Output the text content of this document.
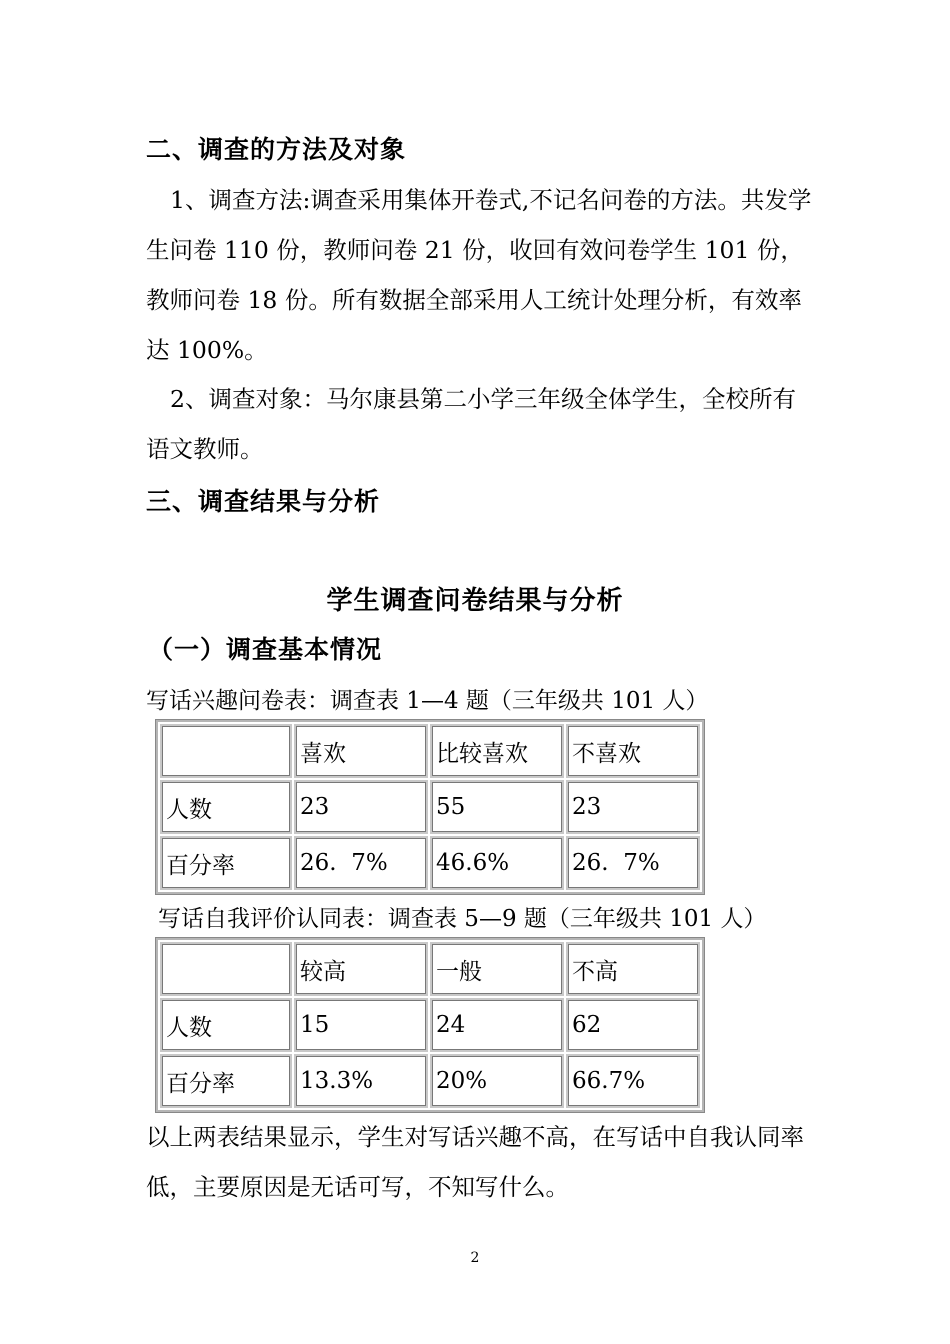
二、调查的方法及对象
1、调查方法:调查采用集体开卷式,不记名问卷的方法。共发学生问卷 110 份，教师问卷 21 份，收回有效问卷学生 101 份，教师问卷 18 份。所有数据全部采用人工统计处理分析，有效率达 100%。
2、调查对象：马尔康县第二小学三年级全体学生，全校所有语文教师。
三、调查结果与分析
学生调查问卷结果与分析
（一）调查基本情况
写话兴趣问卷表：调查表 1—4 题（三年级共 101 人）
	喜欢	比较喜欢	不喜欢
人数	23	55	23
百分率	26.  7%	46.6%	26.  7%
写话自我评价认同表：调查表 5—9 题（三年级共 101 人）
	较高	一般	不高
人数	15	24	62
百分率	13.3%	20%	66.7%
以上两表结果显示，学生对写话兴趣不高，在写话中自我认同率低，主要原因是无话可写，不知写什么。
2
